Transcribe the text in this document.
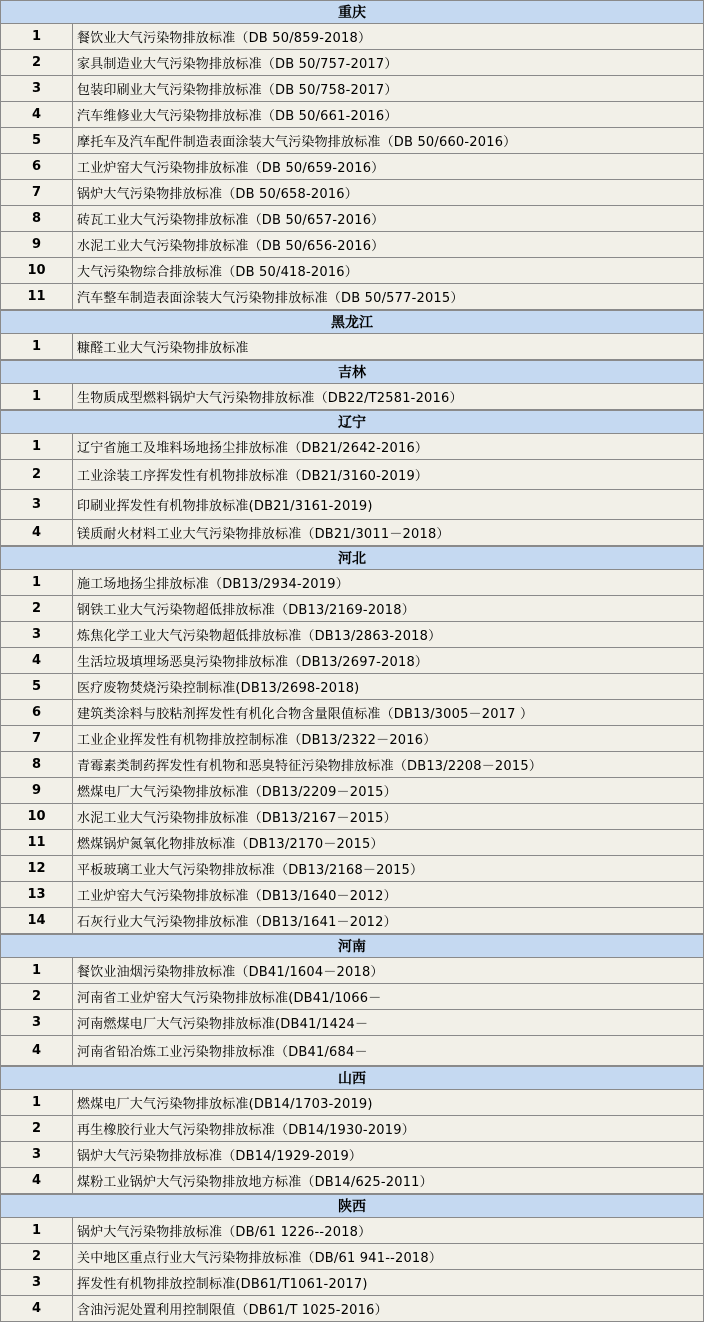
重庆
1	餐饮业大气污染物排放标准（DB 50/859-2018）
2	家具制造业大气污染物排放标准（DB 50/757-2017）
3	包装印刷业大气污染物排放标准（DB 50/758-2017）
4	汽车维修业大气污染物排放标准（DB 50/661-2016）
5	摩托车及汽车配件制造表面涂装大气污染物排放标准（DB 50/660-2016）
6	工业炉窑大气污染物排放标准（DB 50/659-2016）
7	锅炉大气污染物排放标准（DB 50/658-2016）
8	砖瓦工业大气污染物排放标准（DB 50/657-2016）
9	水泥工业大气污染物排放标准（DB 50/656-2016）
10	大气污染物综合排放标准（DB 50/418-2016）
11	汽车整车制造表面涂装大气污染物排放标准（DB 50/577-2015）
黑龙江
1	糠醛工业大气污染物排放标准
吉林
1	生物质成型燃料锅炉大气污染物排放标准（DB22/T2581-2016）
辽宁
1	辽宁省施工及堆料场地扬尘排放标准（DB21/2642-2016）
2	工业涂装工序挥发性有机物排放标准（DB21/3160-2019）
3	印刷业挥发性有机物排放标准(DB21/3161-2019)
4	镁质耐火材料工业大气污染物排放标准（DB21/3011－2018）
河北
1	施工场地扬尘排放标准（DB13/2934-2019）
2	钢铁工业大气污染物超低排放标准（DB13/2169-2018）
3	炼焦化学工业大气污染物超低排放标准（DB13/2863-2018）
4	生活垃圾填埋场恶臭污染物排放标准（DB13/2697-2018）
5	医疗废物焚烧污染控制标准(DB13/2698-2018)
6	建筑类涂料与胶粘剂挥发性有机化合物含量限值标准（DB13/3005－2017 ）
7	工业企业挥发性有机物排放控制标准（DB13/2322－2016）
8	青霉素类制药挥发性有机物和恶臭特征污染物排放标准（DB13/2208－2015）
9	燃煤电厂大气污染物排放标准（DB13/2209－2015）
10	水泥工业大气污染物排放标准（DB13/2167－2015）
11	燃煤锅炉氮氧化物排放标准（DB13/2170－2015）
12	平板玻璃工业大气污染物排放标准（DB13/2168－2015）
13	工业炉窑大气污染物排放标准（DB13/1640－2012）
14	石灰行业大气污染物排放标准（DB13/1641－2012）
河南
1	餐饮业油烟污染物排放标准（DB41/1604－2018）
2	河南省工业炉窑大气污染物排放标准(DB41/1066－
3	河南燃煤电厂大气污染物排放标准(DB41/1424－
4	河南省铅冶炼工业污染物排放标准（DB41/684－
山西
1	燃煤电厂大气污染物排放标准(DB14/1703-2019)
2	再生橡胶行业大气污染物排放标准（DB14/1930-2019）
3	锅炉大气污染物排放标准（DB14/1929-2019）
4	煤粉工业锅炉大气污染物排放地方标准（DB14/625-2011）
陕西
1	锅炉大气污染物排放标准（DB/61 1226--2018）
2	关中地区重点行业大气污染物排放标准（DB/61 941--2018）
3	挥发性有机物排放控制标准(DB61/T1061-2017)
4	含油污泥处置利用控制限值（DB61/T 1025-2016）
